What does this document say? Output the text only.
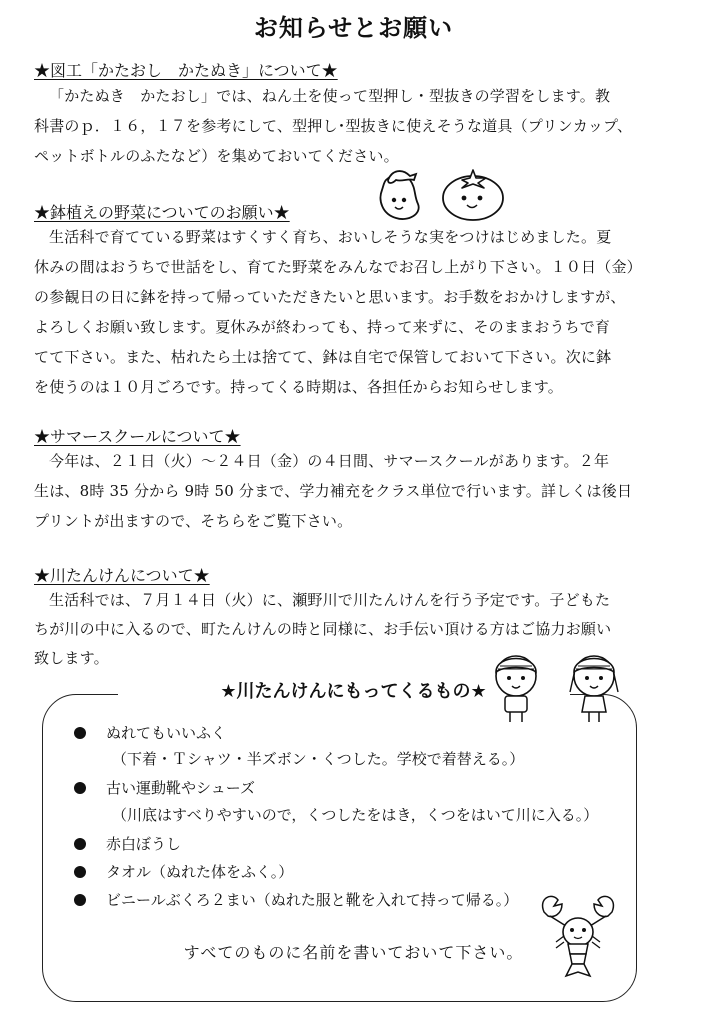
お知らせとお願い
★図工「かたおし　かたぬき」について★
「かたぬき　かたおし」では、ねん土を使って型押し・型抜きの学習をします。教
科書のｐ．１６，１７を参考にして、型押し･型抜きに使えそうな道具（プリンカップ、
ペットボトルのふたなど）を集めておいてください。
★鉢植えの野菜についてのお願い★
生活科で育てている野菜はすくすく育ち、おいしそうな実をつけはじめました。夏
休みの間はおうちで世話をし、育てた野菜をみんなでお召し上がり下さい。１０日（金）
の参観日の日に鉢を持って帰っていただきたいと思います。お手数をおかけしますが、
よろしくお願い致します。夏休みが終わっても、持って来ずに、そのままおうちで育
てて下さい。また、枯れたら土は捨てて、鉢は自宅で保管しておいて下さい。次に鉢
を使うのは１０月ごろです。持ってくる時期は、各担任からお知らせします。
★サマースクールについて★
今年は、２１日（火）～２４日（金）の４日間、サマースクールがあります。２年
生は、8時 35 分から 9時 50 分まで、学力補充をクラス単位で行います。詳しくは後日
プリントが出ますので、そちらをご覧下さい。
★川たんけんについて★
生活科では、７月１４日（火）に、瀬野川で川たんけんを行う予定です。子どもた
ちが川の中に入るので、町たんけんの時と同様に、お手伝い頂ける方はご協力お願い
致します。
★川たんけんにもってくるもの★
ぬれてもいいふく
（下着・Ｔシャツ・半ズボン・くつした。学校で着替える。）
古い運動靴やシューズ
（川底はすべりやすいので，くつしたをはき，くつをはいて川に入る。）
赤白ぼうし
タオル（ぬれた体をふく。）
ビニールぶくろ２まい（ぬれた服と靴を入れて持って帰る。）
すべてのものに名前を書いておいて下さい。
